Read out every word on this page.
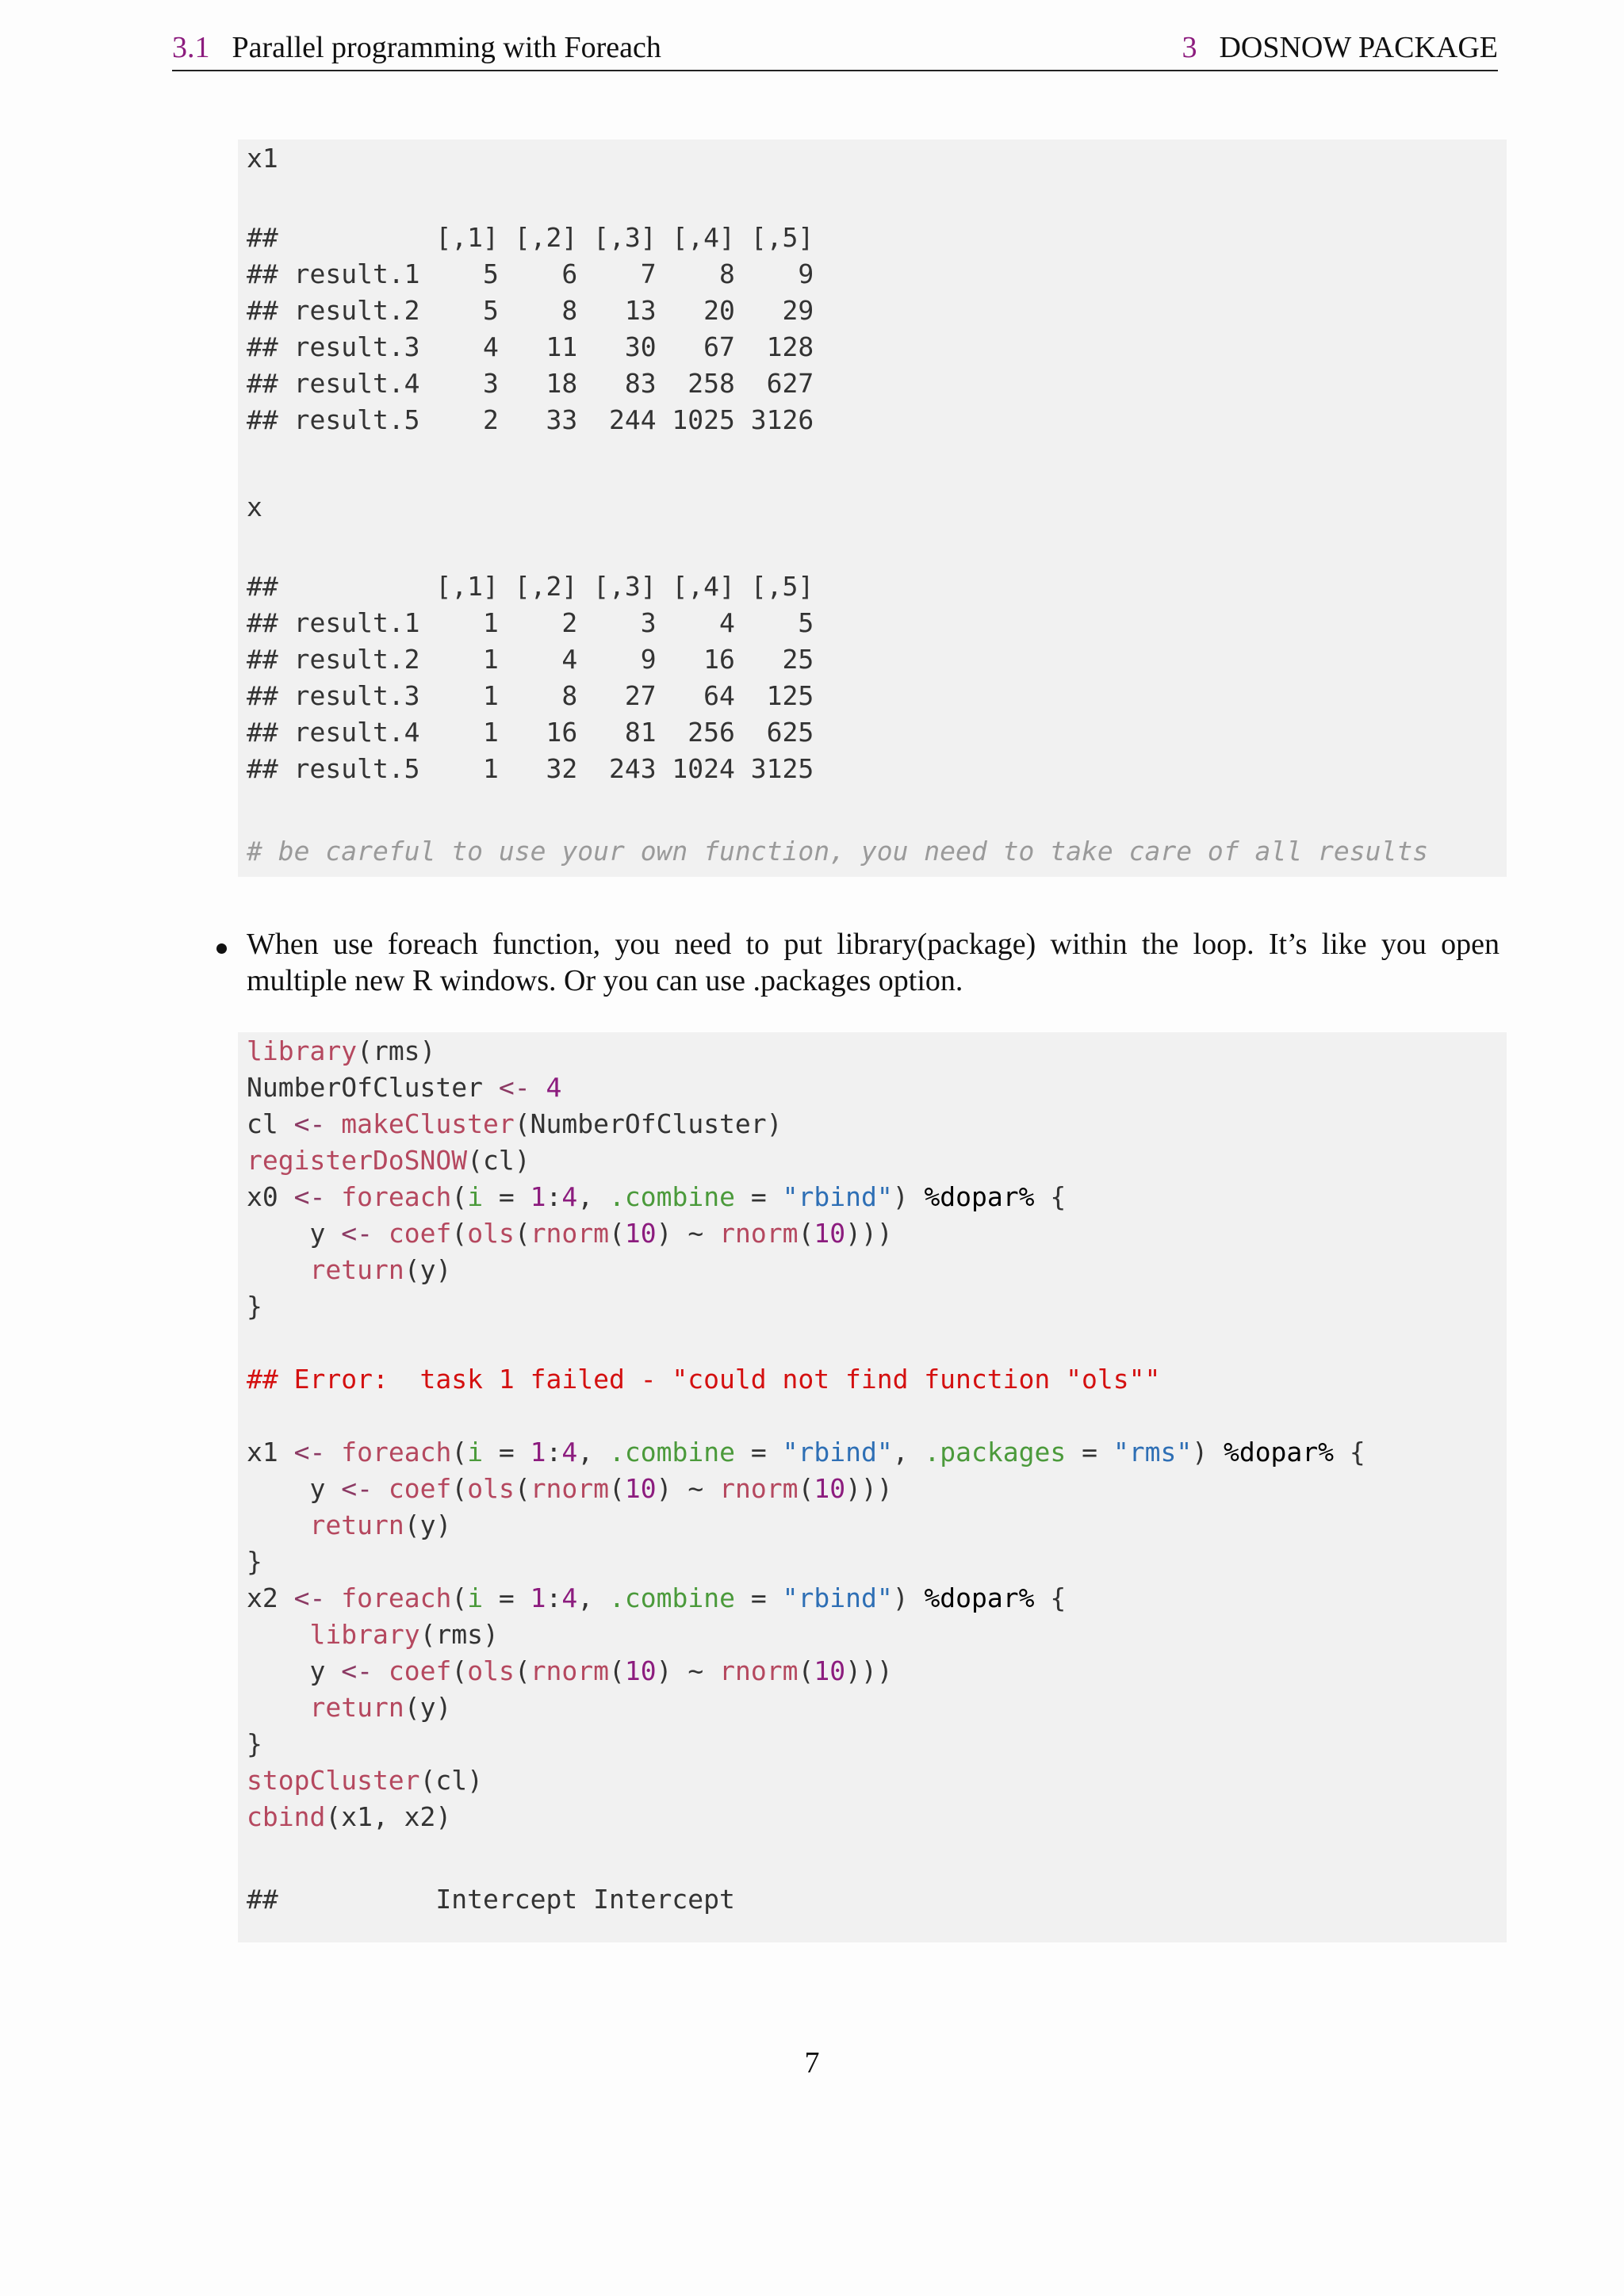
3.1 Parallel programming with Foreach	3 DOSNOW PACKAGE
x1
##          [,1] [,2] [,3] [,4] [,5]
## result.1    5    6    7    8    9
## result.2    5    8   13   20   29
## result.3    4   11   30   67  128
## result.4    3   18   83  258  627
## result.5    2   33  244 1025 3126
x
##          [,1] [,2] [,3] [,4] [,5]
## result.1    1    2    3    4    5
## result.2    1    4    9   16   25
## result.3    1    8   27   64  125
## result.4    1   16   81  256  625
## result.5    1   32  243 1024 3125
# be careful to use your own function, you need to take care of all results
When use foreach function, you need to put library(package) within the loop. It’s like you open
multiple new R windows. Or you can use .packages option.
library(rms)
NumberOfCluster <- 4
cl <- makeCluster(NumberOfCluster)
registerDoSNOW(cl)
x0 <- foreach(i = 1:4, .combine = "rbind") %dopar% {
y <- coef(ols(rnorm(10) ~ rnorm(10)))
return(y)
}
## Error:  task 1 failed - "could not find function "ols""
x1 <- foreach(i = 1:4, .combine = "rbind", .packages = "rms") %dopar% {
y <- coef(ols(rnorm(10) ~ rnorm(10)))
return(y)
}
x2 <- foreach(i = 1:4, .combine = "rbind") %dopar% {
library(rms)
y <- coef(ols(rnorm(10) ~ rnorm(10)))
return(y)
}
stopCluster(cl)
cbind(x1, x2)
##          Intercept Intercept
7
